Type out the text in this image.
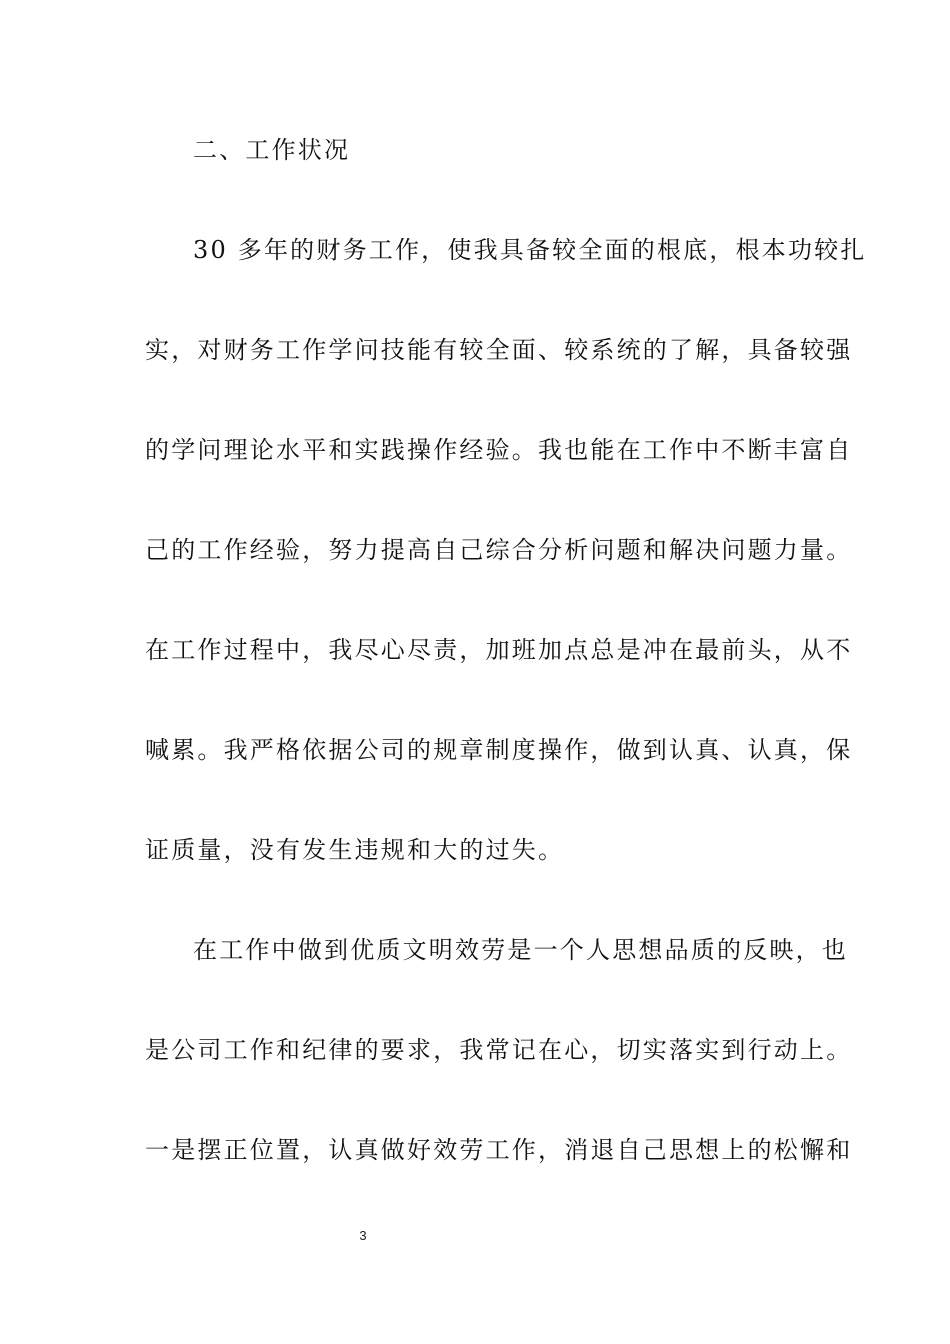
二、工作状况

30 多年的财务工作，使我具备较全面的根底，根本功较扎

实，对财务工作学问技能有较全面、较系统的了解，具备较强

的学问理论水平和实践操作经验。我也能在工作中不断丰富自

己的工作经验，努力提高自己综合分析问题和解决问题力量。

在工作过程中，我尽心尽责，加班加点总是冲在最前头，从不

喊累。我严格依据公司的规章制度操作，做到认真、认真，保

证质量，没有发生违规和大的过失。

在工作中做到优质文明效劳是一个人思想品质的反映，也

是公司工作和纪律的要求，我常记在心，切实落实到行动上。

一是摆正位置，认真做好效劳工作，消退自己思想上的松懈和

3
